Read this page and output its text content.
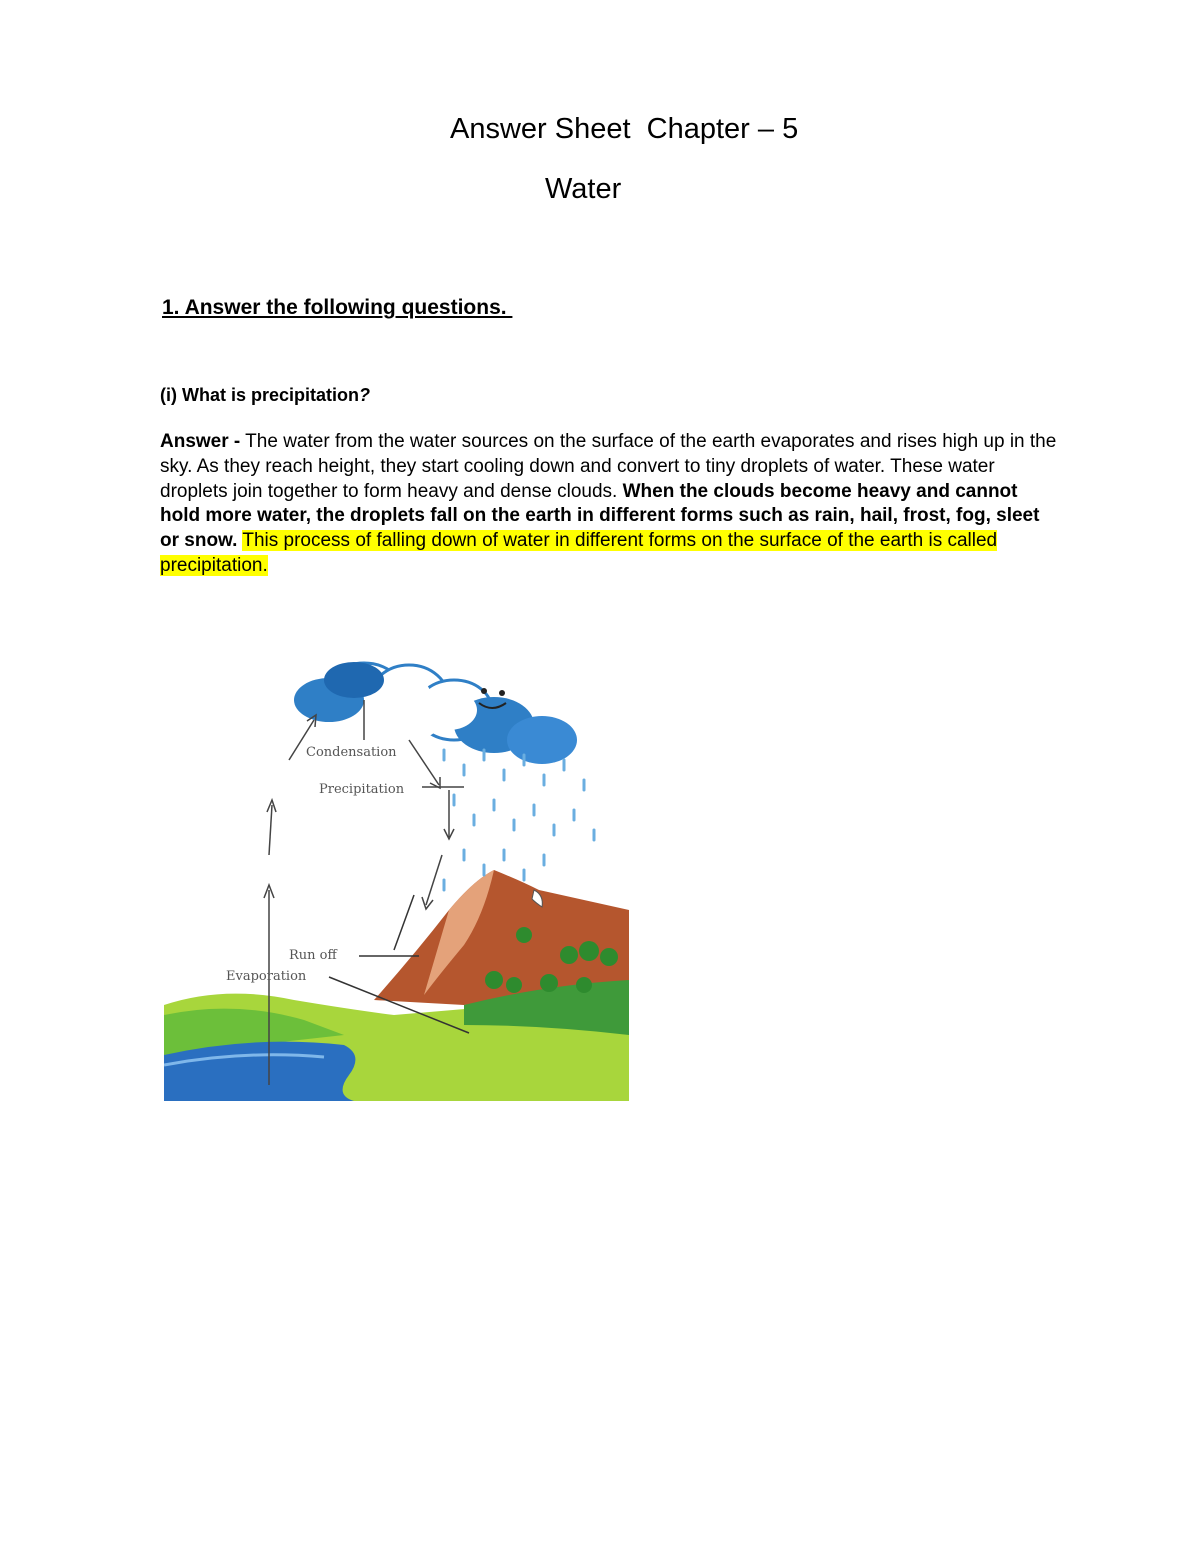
Answer Sheet  Chapter – 5
Water
1. Answer the following questions.
(i) What is precipitation?
Answer - The water from the water sources on the surface of the earth evaporates and rises high up in the sky. As they reach height, they start cooling down and convert to tiny droplets of water. These water droplets join together to form heavy and dense clouds. When the clouds become heavy and cannot hold more water, the droplets fall on the earth in different forms such as rain, hail, frost, fog, sleet or snow. This process of falling down of water in different forms on the surface of the earth is called precipitation.
Condensation
Precipitation
Run off
Evaporation
